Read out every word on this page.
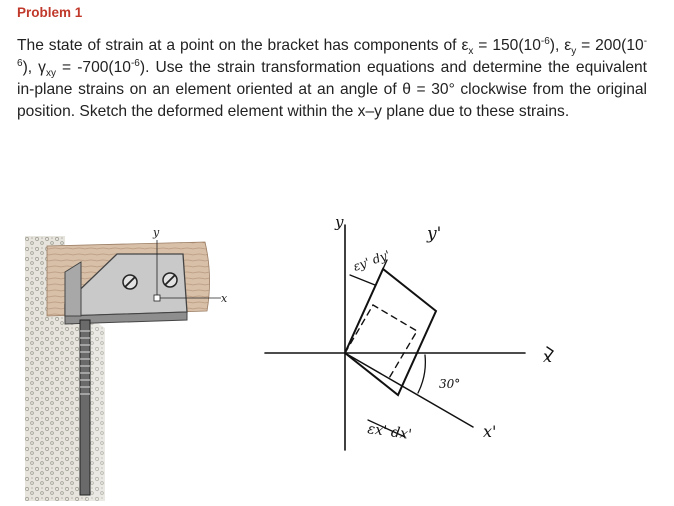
Problem 1
The state of strain at a point on the bracket has components of $\varepsilon_x = 150(10^{-6})$, $\varepsilon_y = 200(10^{-6})$, $\gamma_{xy} = -700(10^{-6})$. Use the strain transformation equations and determine the equivalent in-plane strains on an element oriented at an angle of θ = 30° clockwise from the original position. Sketch the deformed element within the x–y plane due to these strains.
y
x
y
y'
x
x'
30°
εy' dy'
εx' dx'
